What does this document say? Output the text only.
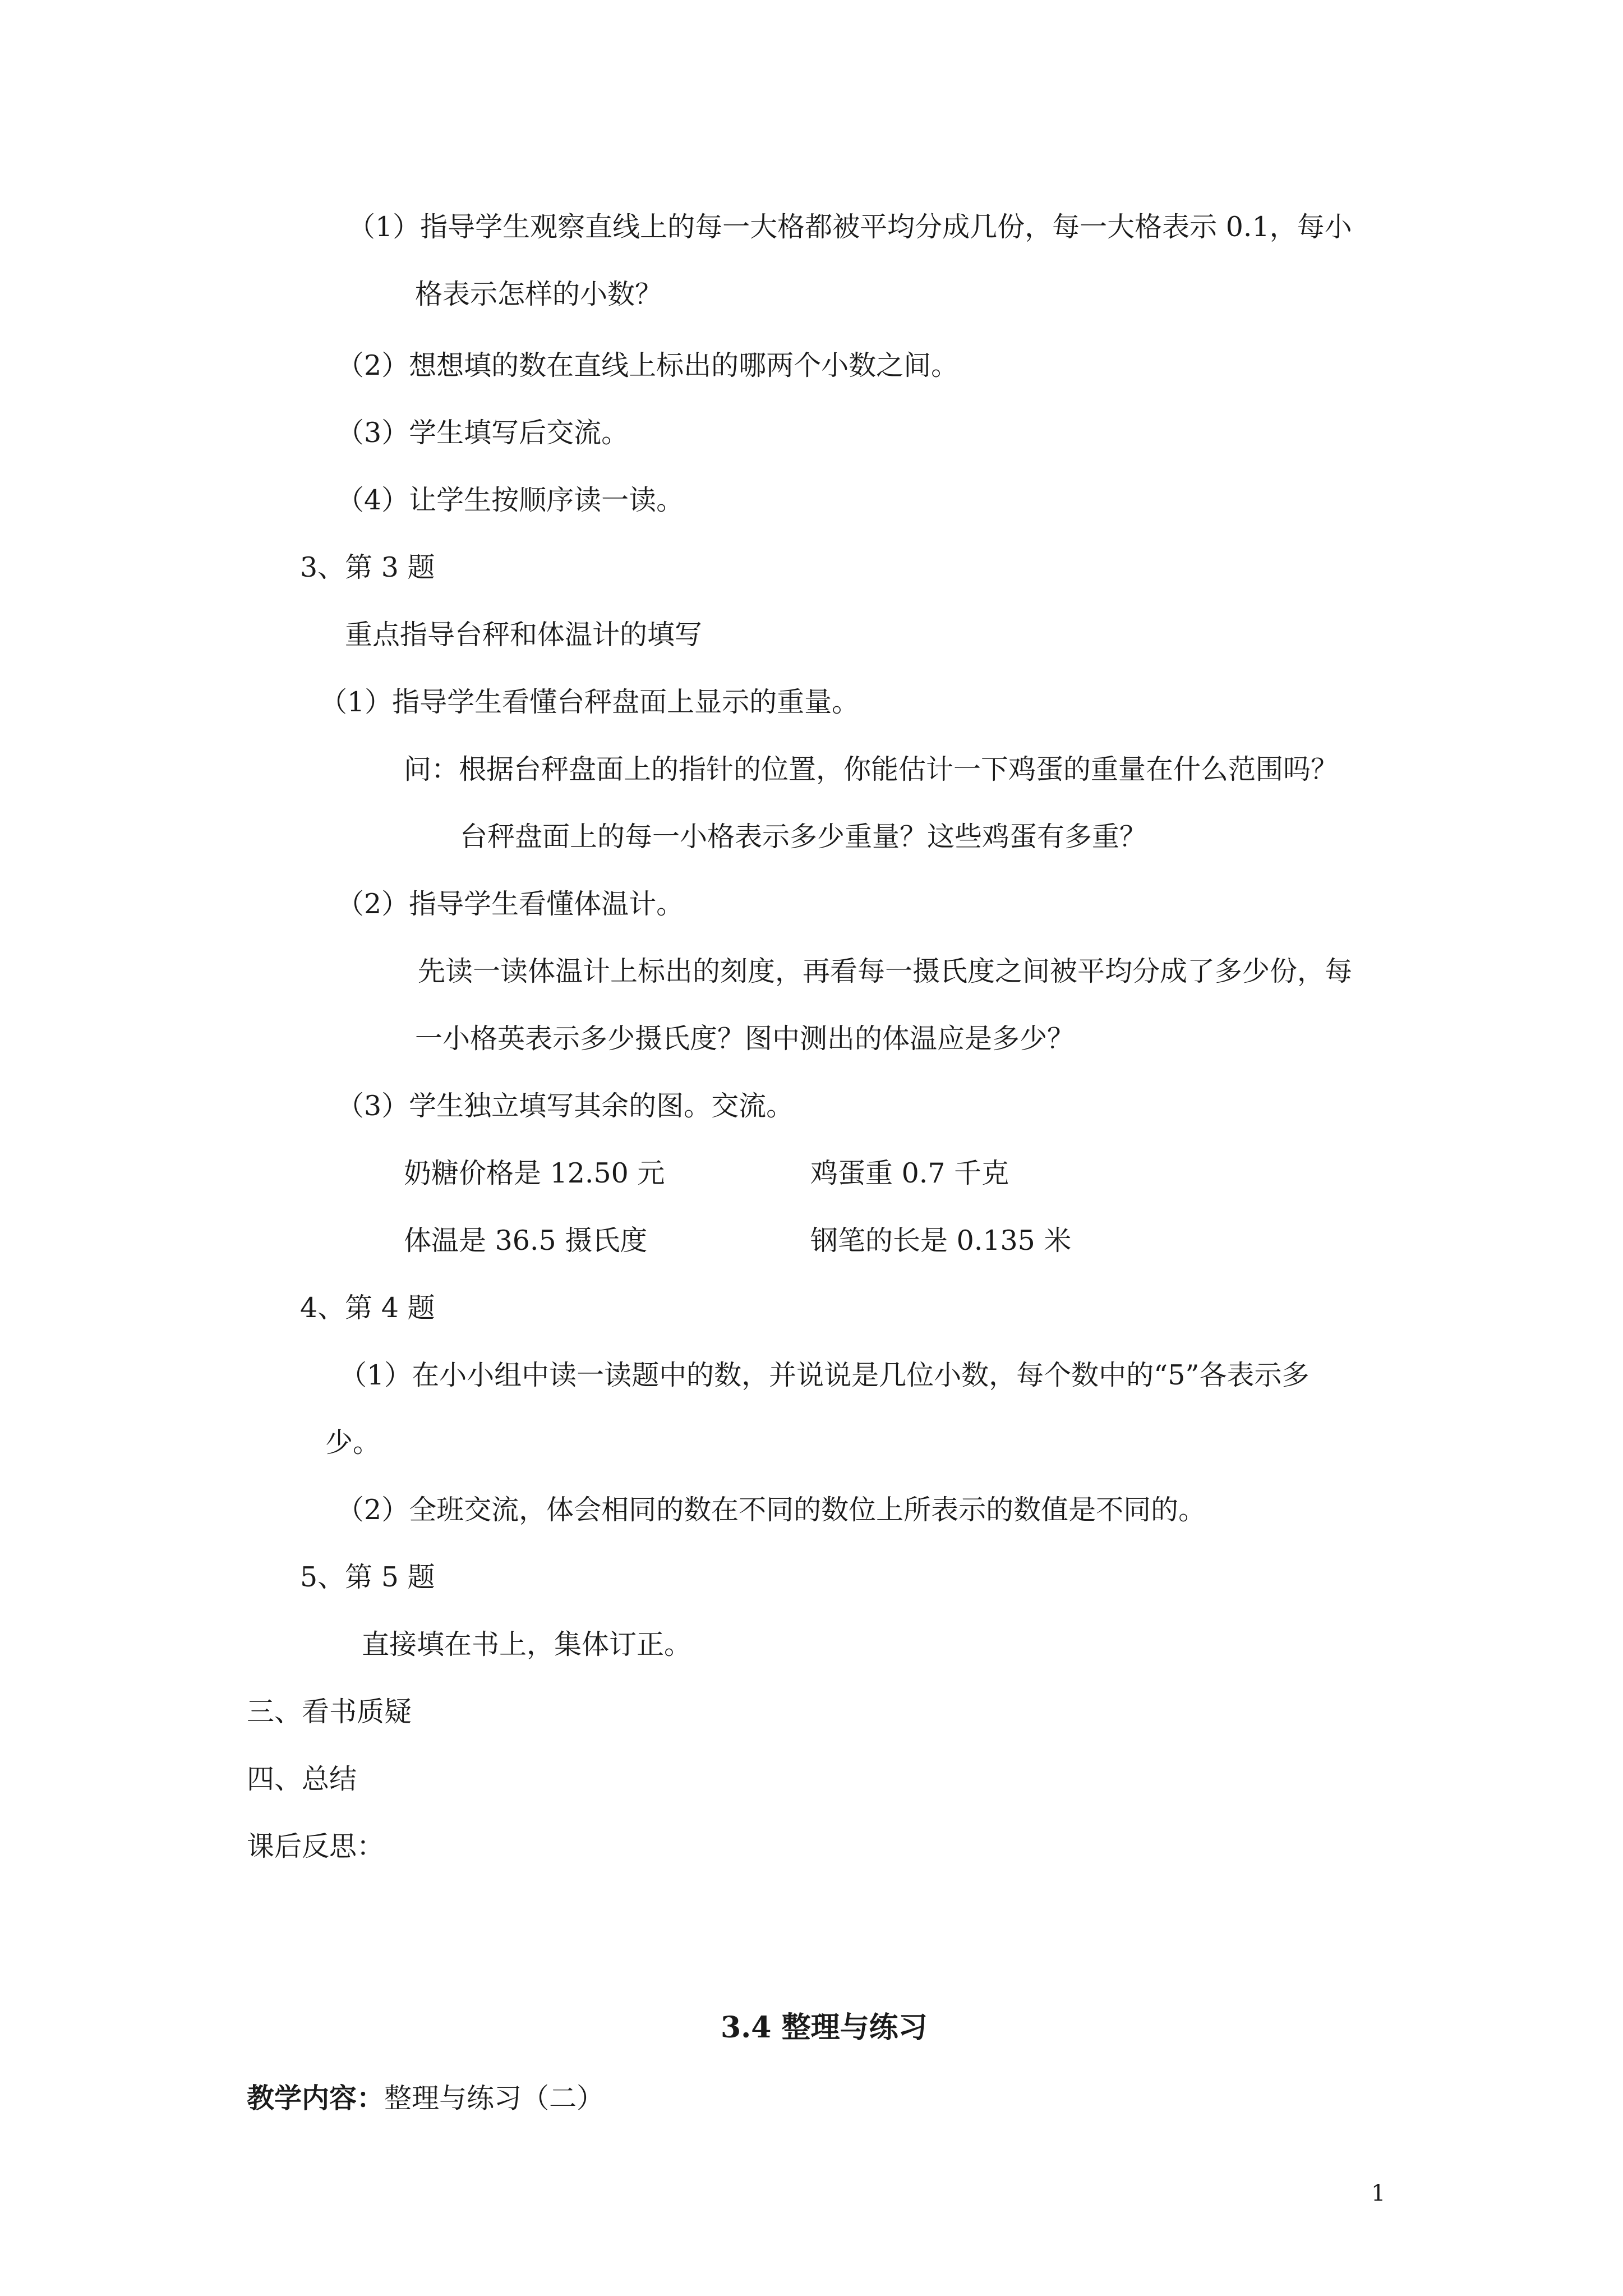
（1）指导学生观察直线上的每一大格都被平均分成几份，每一大格表示 0.1，每小
格表示怎样的小数？
（2）想想填的数在直线上标出的哪两个小数之间。
（3）学生填写后交流。
（4）让学生按顺序读一读。
3、第 3 题
重点指导台秤和体温计的填写
（1）指导学生看懂台秤盘面上显示的重量。
问：根据台秤盘面上的指针的位置，你能估计一下鸡蛋的重量在什么范围吗？
台秤盘面上的每一小格表示多少重量？这些鸡蛋有多重？
（2）指导学生看懂体温计。
先读一读体温计上标出的刻度，再看每一摄氏度之间被平均分成了多少份，每
一小格英表示多少摄氏度？图中测出的体温应是多少？
（3）学生独立填写其余的图。交流。
奶糖价格是 12.50 元	鸡蛋重 0.7 千克
体温是 36.5 摄氏度	钢笔的长是 0.135 米
4、第 4 题
（1）在小小组中读一读题中的数，并说说是几位小数，每个数中的“5”各表示多
少。
（2）全班交流，体会相同的数在不同的数位上所表示的数值是不同的。
5、第 5 题
直接填在书上，集体订正。
三、看书质疑
四、总结
课后反思：
3.4 整理与练习
教学内容：整理与练习（二）
1
